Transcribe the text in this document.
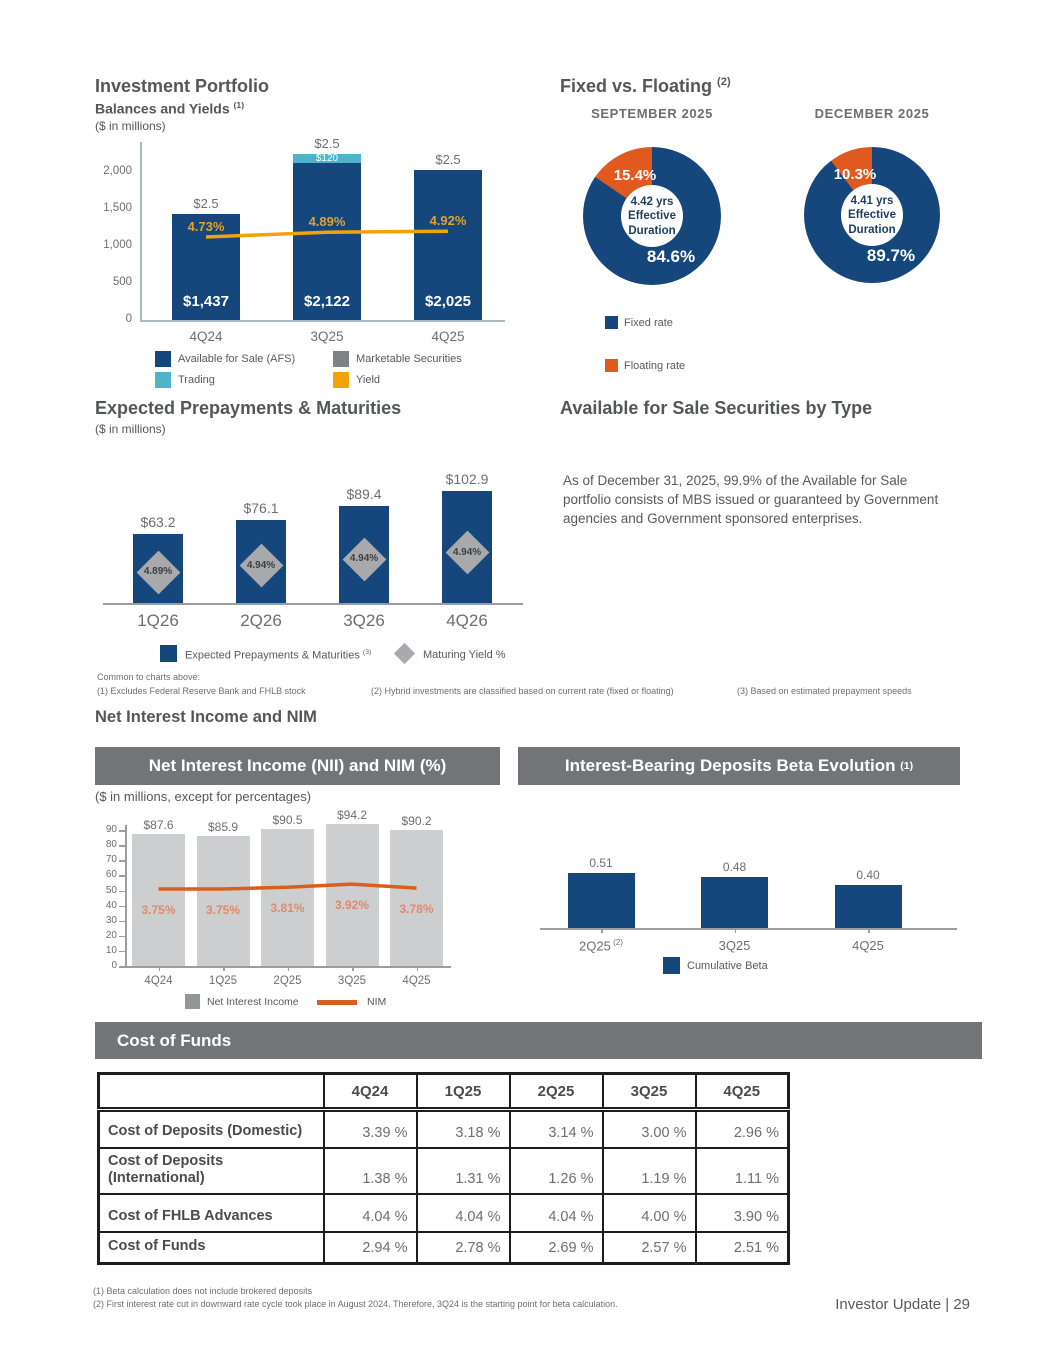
Investment Portfolio
Balances and Yields $^{(1)}$
($ in millions)
0
500
1,000
1,500
2,000
$2.5
$1,437
4Q24
$120
$2.5
$2,122
3Q25
$2.5
$2,025
4Q25
4.73%	4.89%	4.92%
Available for Sale (AFS)	Marketable Securities
Trading	Yield
Fixed vs. Floating $^{(2)}$
SEPTEMBER 2025
4.42 yrs
Effective
Duration
15.4%
84.6%
DECEMBER 2025
4.41 yrs
Effective
Duration
10.3%
89.7%
Fixed rate
Floating rate
Expected Prepayments & Maturities
($ in millions)
$63.2
4.89%
1Q26
$76.1
4.94%
2Q26
$89.4
4.94%
3Q26
$102.9
4.94%
4Q26
Expected Prepayments & Maturities $^{(3)}$	Maturing Yield %
Available for Sale Securities by Type
As of December 31, 2025, 99.9% of the Available for Sale portfolio consists of MBS issued or guaranteed by Government agencies and Government sponsored enterprises.
Common to charts above:
(1) Excludes Federal Reserve Bank and FHLB stock	(2) Hybrid investments are classified based on current rate (fixed or floating)	(3) Based on estimated prepayment speeds
Net Interest Income and NIM
Net Interest Income (NII) and NIM (%)	Interest-Bearing Deposits Beta Evolution
(1)
($ in millions, except for percentages)
0
10
20
30
40
50
60
70
80
90	$87.6
4Q24
$85.9
1Q25
$90.5
2Q25
$94.2
3Q25
$90.2
4Q25
3.75%	3.75%	3.81%	3.92%	3.78%
Net Interest Income	NIM
0.51
2Q25 $^{(2)}$
0.48
3Q25
0.40
4Q25
Cumulative Beta
Cost of Funds
	4Q24	1Q25	2Q25	3Q25	4Q25
Cost of Deposits (Domestic)	3.39 %	3.18 %	3.14 %	3.00 %	2.96 %
Cost of Deposits (International)	1.38 %	1.31 %	1.26 %	1.19 %	1.11 %
Cost of FHLB Advances	4.04 %	4.04 %	4.04 %	4.00 %	3.90 %
Cost of Funds	2.94 %	2.78 %	2.69 %	2.57 %	2.51 %
(1) Beta calculation does not include brokered deposits
(2) First interest rate cut in downward rate cycle took place in August 2024. Therefore, 3Q24 is the starting point for beta calculation.	Investor Update | 29
